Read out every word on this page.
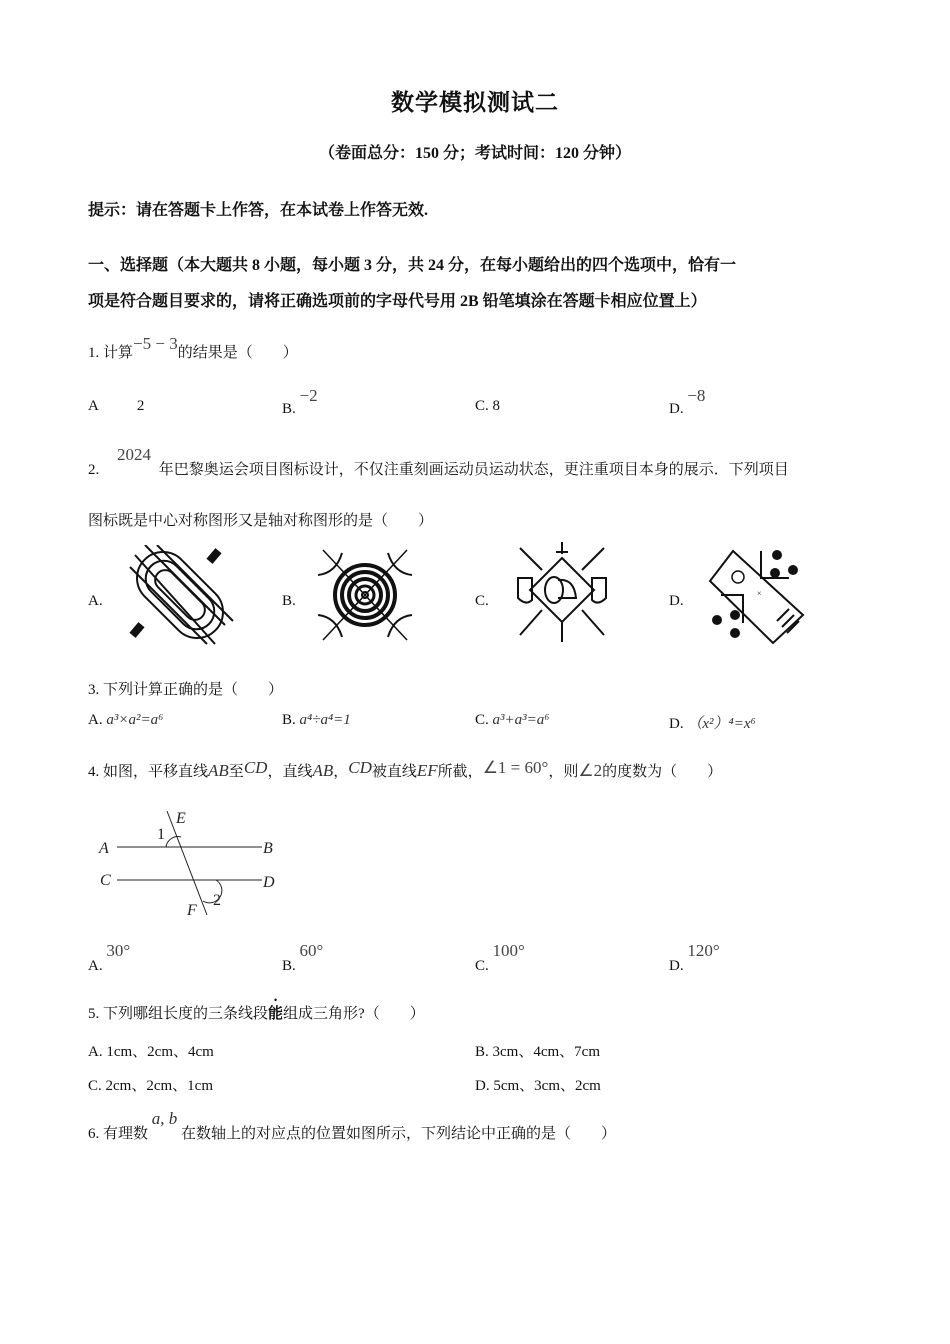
数学模拟测试二
（卷面总分：150 分；考试时间：120 分钟）
提示：请在答题卡上作答，在本试卷上作答无效.
一、选择题（本大题共 8 小题，每小题 3 分，共 24 分，在每小题给出的四个选项中，恰有一
项是符合题目要求的，请将正确选项前的字母代号用 2B 铅笔填涂在答题卡相应位置上）
1. 计算−5 − 3的结果是（　　）
A	2	B. −2
C. 8	D. −8
2. 2024 年巴黎奥运会项目图标设计，不仅注重刻画运动员运动状态，更注重项目本身的展示．下列项目
图标既是中心对称图形又是轴对称图形的是（　　）
A.	B.	C.	D.	×
3. 下列计算正确的是（　　）
A. a³×a²=a⁶	B. a⁴÷a⁴=1	C. a³+a³=a⁶	D. （x²）⁴=x⁶
4. 如图，平移直线AB至CD，直线AB，CD被直线EF所截，∠1 = 60°，则∠2的度数为（　　）
E
A	B
C	D
F
1
2
A. 30°
B. 60°
C. 100°
D. 120°
5. 下列哪组长度的三条线段能组成三角形?（　　）
A. 1cm、2cm、4cm	B. 3cm、4cm、7cm
C. 2cm、2cm、1cm	D. 5cm、3cm、2cm
6. 有理数 a, b 在数轴上的对应点的位置如图所示，下列结论中正确的是（　　）
